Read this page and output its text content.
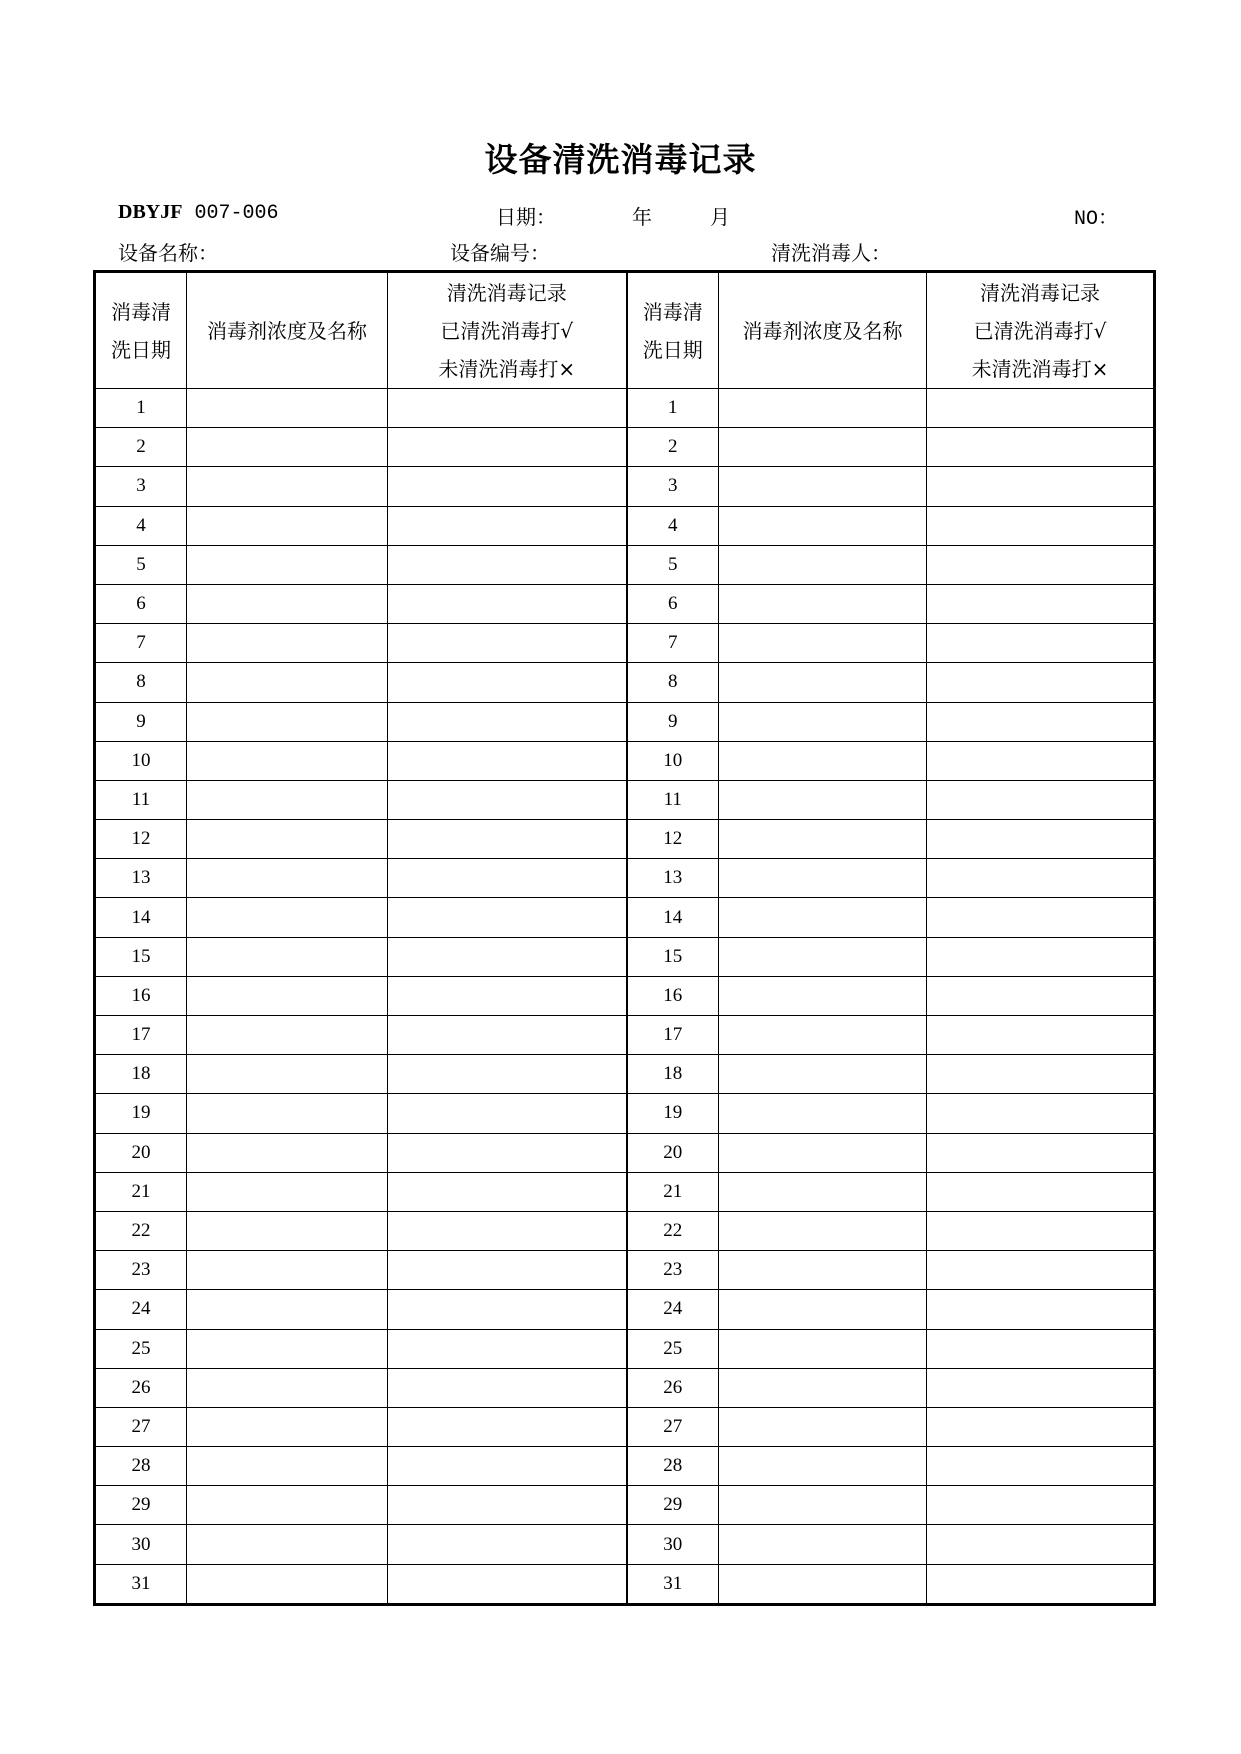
设备清洗消毒记录
DBYJF 007-006	日期：	年	月	NO：
设备名称：	设备编号：	清洗消毒人：
消毒清
洗日期	消毒剂浓度及名称	清洗消毒记录
已清洗消毒打√
未清洗消毒打×	消毒清
洗日期	消毒剂浓度及名称	清洗消毒记录
已清洗消毒打√
未清洗消毒打×

1			1		
2			2		
3			3		
4			4		
5			5		
6			6		
7			7		
8			8		
9			9		
10			10		
11			11		
12			12		
13			13		
14			14		
15			15		
16			16		
17			17		
18			18		
19			19		
20			20		
21			21		
22			22		
23			23		
24			24		
25			25		
26			26		
27			27		
28			28		
29			29		
30			30		
31			31		
